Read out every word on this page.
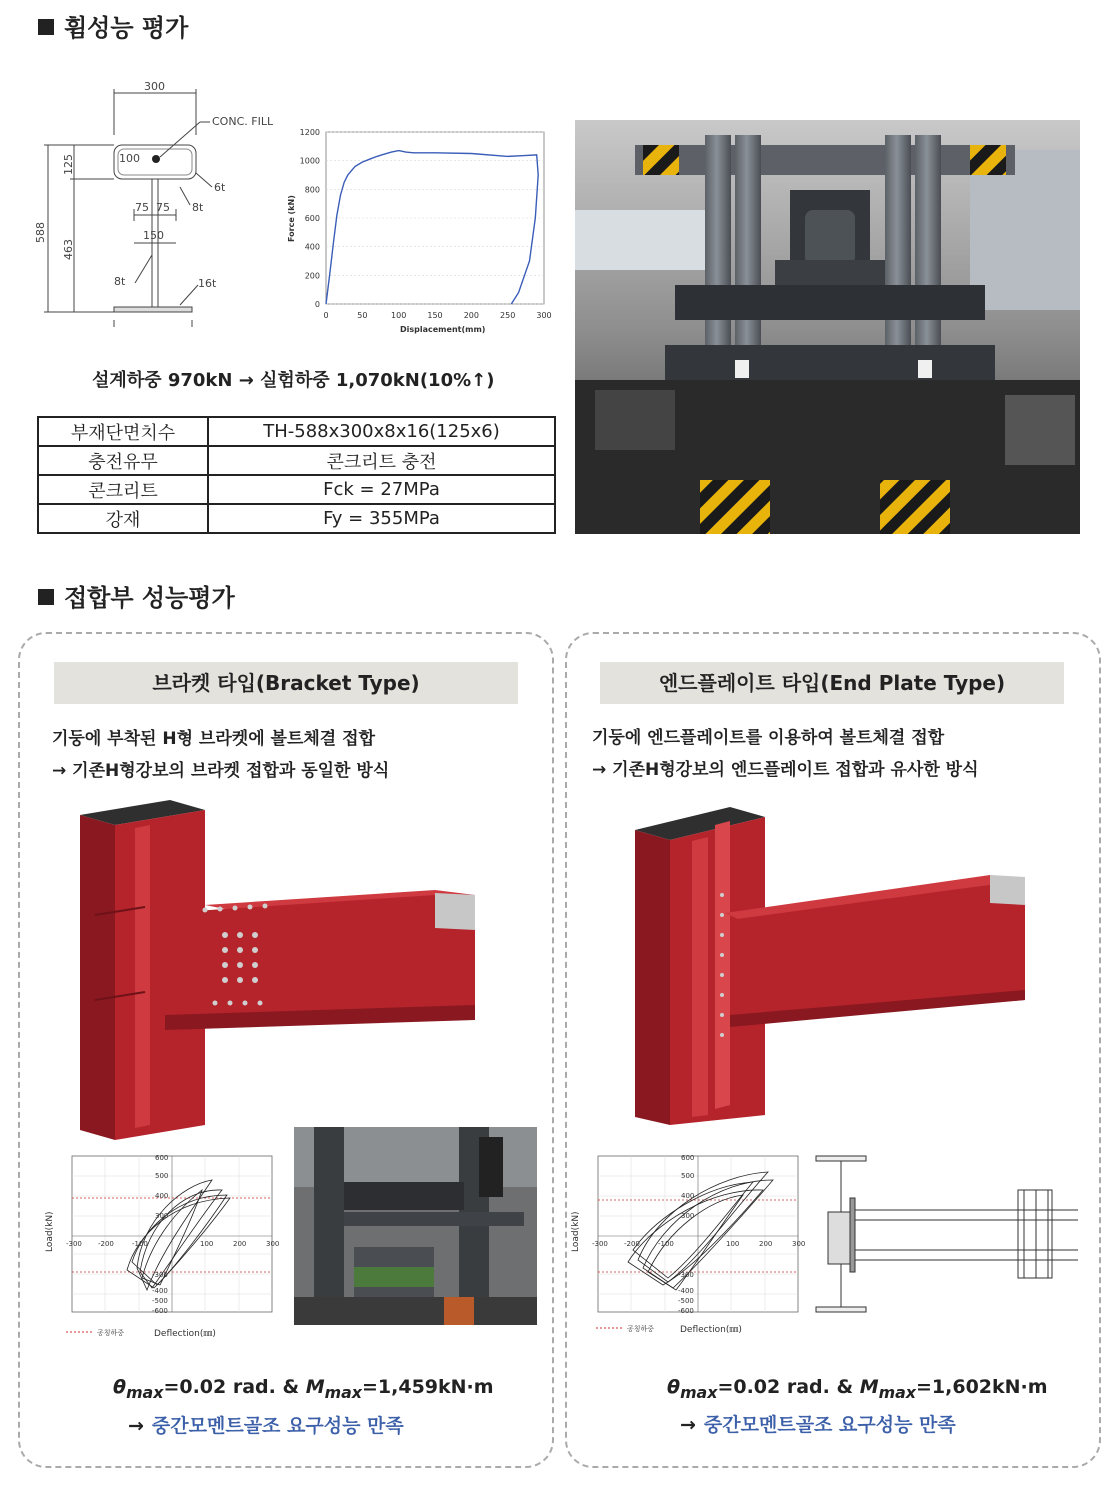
휨성능 평가
300
CONC. FILL
100
6t
75 75 8t
150
8t	16t
125
588
463
0
200
400
600
800
1000
1200
0	50	100	150	200	250	300
Force (kN)
Displacement(mm)
설계하중 970kN → 실험하중 1,070kN(10%↑)
부재단면치수	TH-588x300x8x16(125x6)
충전유무	콘크리트 충전
콘크리트	Fck = 27MPa
강재	Fy = 355MPa
접합부 성능평가
브라켓 타입(Bracket Type)
기둥에 부착된 H형 브라켓에 볼트체결 접합
→ 기존H형강보의 브라켓 접합과 동일한 방식
600
500
400
300
-300
-400
-500
-600
-300 -200	-100	100	200	300
Load(kN)
Deflection(㎜)
공칭하중
$\theta_{max}=0.02$ rad. & $M_{max}=1,459kN\cdot m$
→ 중간모멘트골조 요구성능 만족
엔드플레이트 타입(End Plate Type)
기둥에 엔드플레이트를 이용하여 볼트체결 접합
→ 기존H형강보의 엔드플레이트 접합과 유사한 방식
600
500
400
300
-300
-400
-500
-600
-300 -200	-100	100	200	300
Load(kN)
Deflection(㎜)
공칭하중
$\theta_{max}=0.02$ rad. & $M_{max}=1,602kN\cdot m$
→ 중간모멘트골조 요구성능 만족
